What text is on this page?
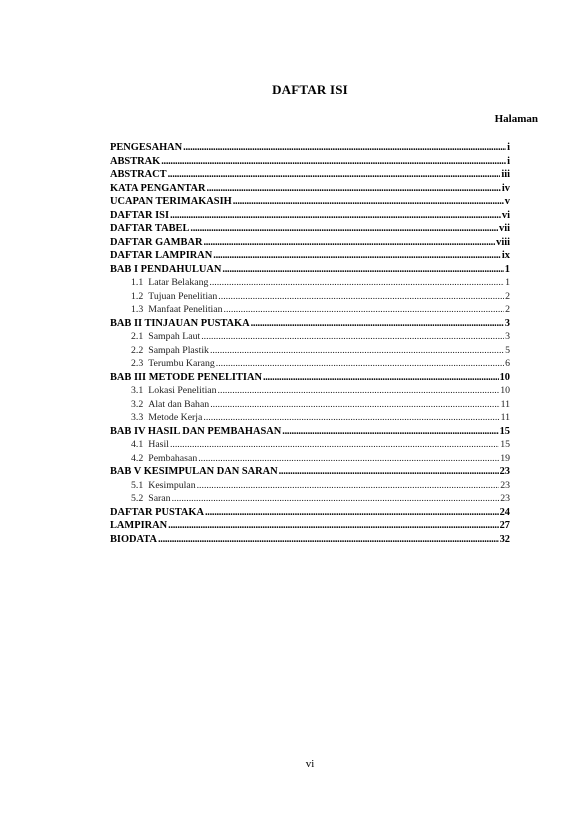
DAFTAR ISI
Halaman
PENGESAHAN .....	i
ABSTRAK .....	i
ABSTRACT .....	iii
KATA PENGANTAR .....	iv
UCAPAN TERIMAKASIH .....	v
DAFTAR ISI .....	vi
DAFTAR TABEL .....	vii
DAFTAR GAMBAR .....	viii
DAFTAR LAMPIRAN .....	ix
BAB I PENDAHULUAN .....	1
1.1 Latar Belakang .....	1
1.2 Tujuan Penelitian .....	2
1.3 Manfaat Penelitian .....	2
BAB II TINJAUAN PUSTAKA .....	3
2.1 Sampah Laut .....	3
2.2 Sampah Plastik .....	5
2.3 Terumbu Karang .....	6
BAB III METODE PENELITIAN .....	10
3.1 Lokasi Penelitian .....	10
3.2 Alat dan Bahan .....	11
3.3 Metode Kerja .....	11
BAB IV HASIL DAN PEMBAHASAN .....	15
4.1 Hasil .....	15
4.2 Pembahasan .....	19
BAB V KESIMPULAN DAN SARAN .....	23
5.1 Kesimpulan .....	23
5.2 Saran .....	23
DAFTAR PUSTAKA .....	24
LAMPIRAN .....	27
BIODATA .....	32
vi
